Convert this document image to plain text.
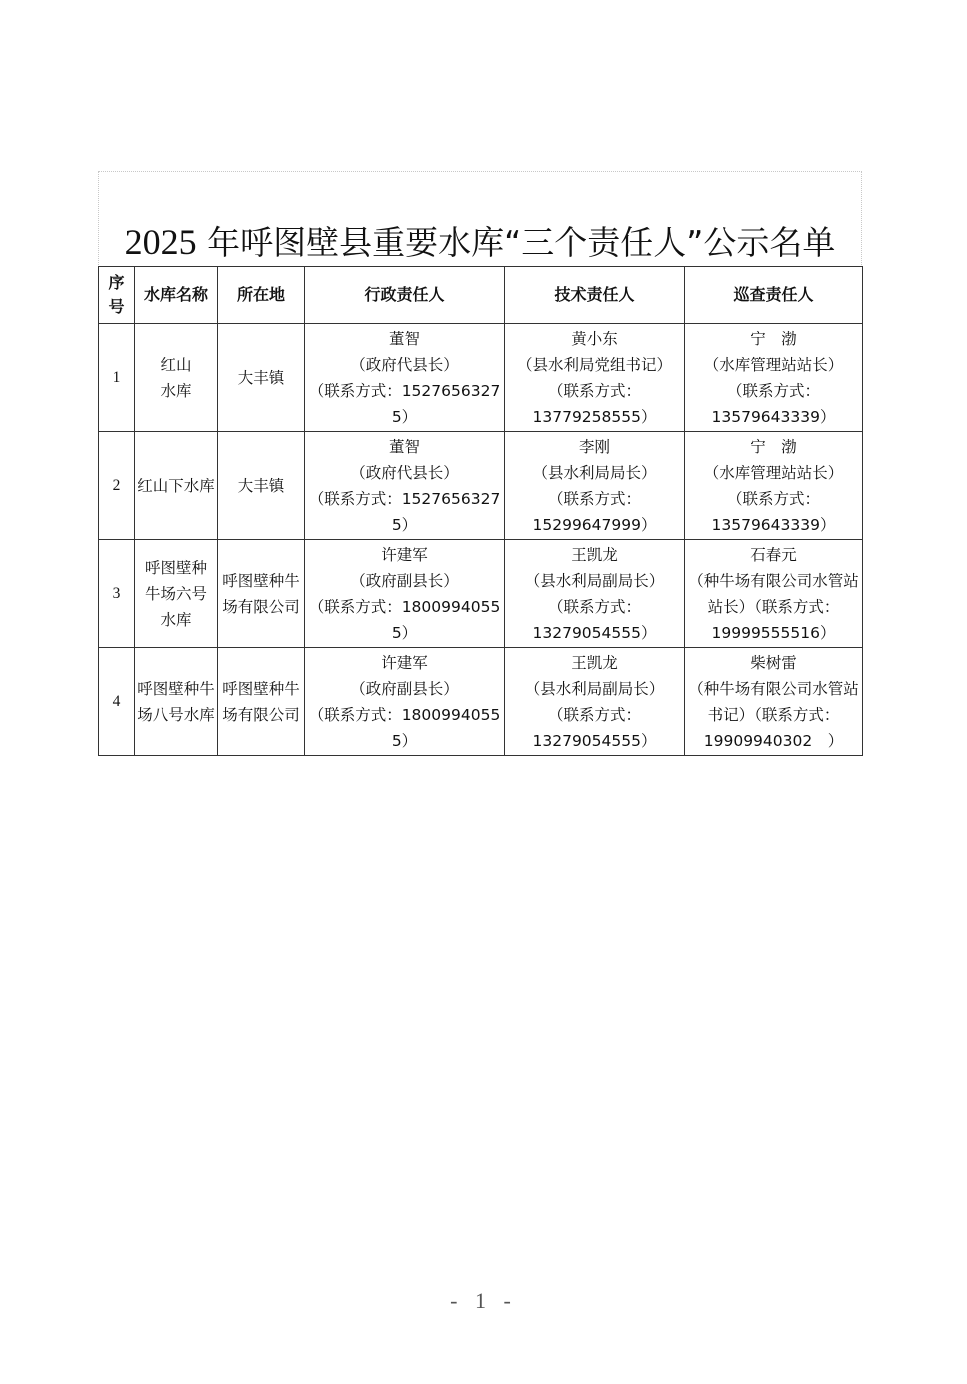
2025 年呼图壁县重要水库“三个责任人”公示名单
序号	水库名称	所在地	行政责任人	技术责任人	巡查责任人
1	红山
水库	大丰镇	董智
（政府代县长）
（联系方式：15276563275）	黄小东
（县水利局党组书记）
（联系方式：
13779258555）	宁　渤
（水库管理站站长）
（联系方式：
13579643339）

2	红山下水库	大丰镇	董智
（政府代县长）
（联系方式：15276563275）	李刚
（县水利局局长）
（联系方式：
15299647999）	宁　渤
（水库管理站站长）
（联系方式：
13579643339）

3	呼图壁种
牛场六号
水库	呼图壁种牛
场有限公司	许建军
（政府副县长）
（联系方式：18009940555）	王凯龙
（县水利局副局长）
（联系方式：
13279054555）	石春元
（种牛场有限公司水管站
站长）（联系方式：
19999555516）

4	呼图壁种牛
场八号水库	呼图壁种牛
场有限公司	许建军
（政府副县长）
（联系方式：18009940555）	王凯龙
（县水利局副局长）
（联系方式：
13279054555）	柴树雷
（种牛场有限公司水管站
书记）（联系方式：
19909940302　）
- 1 -
